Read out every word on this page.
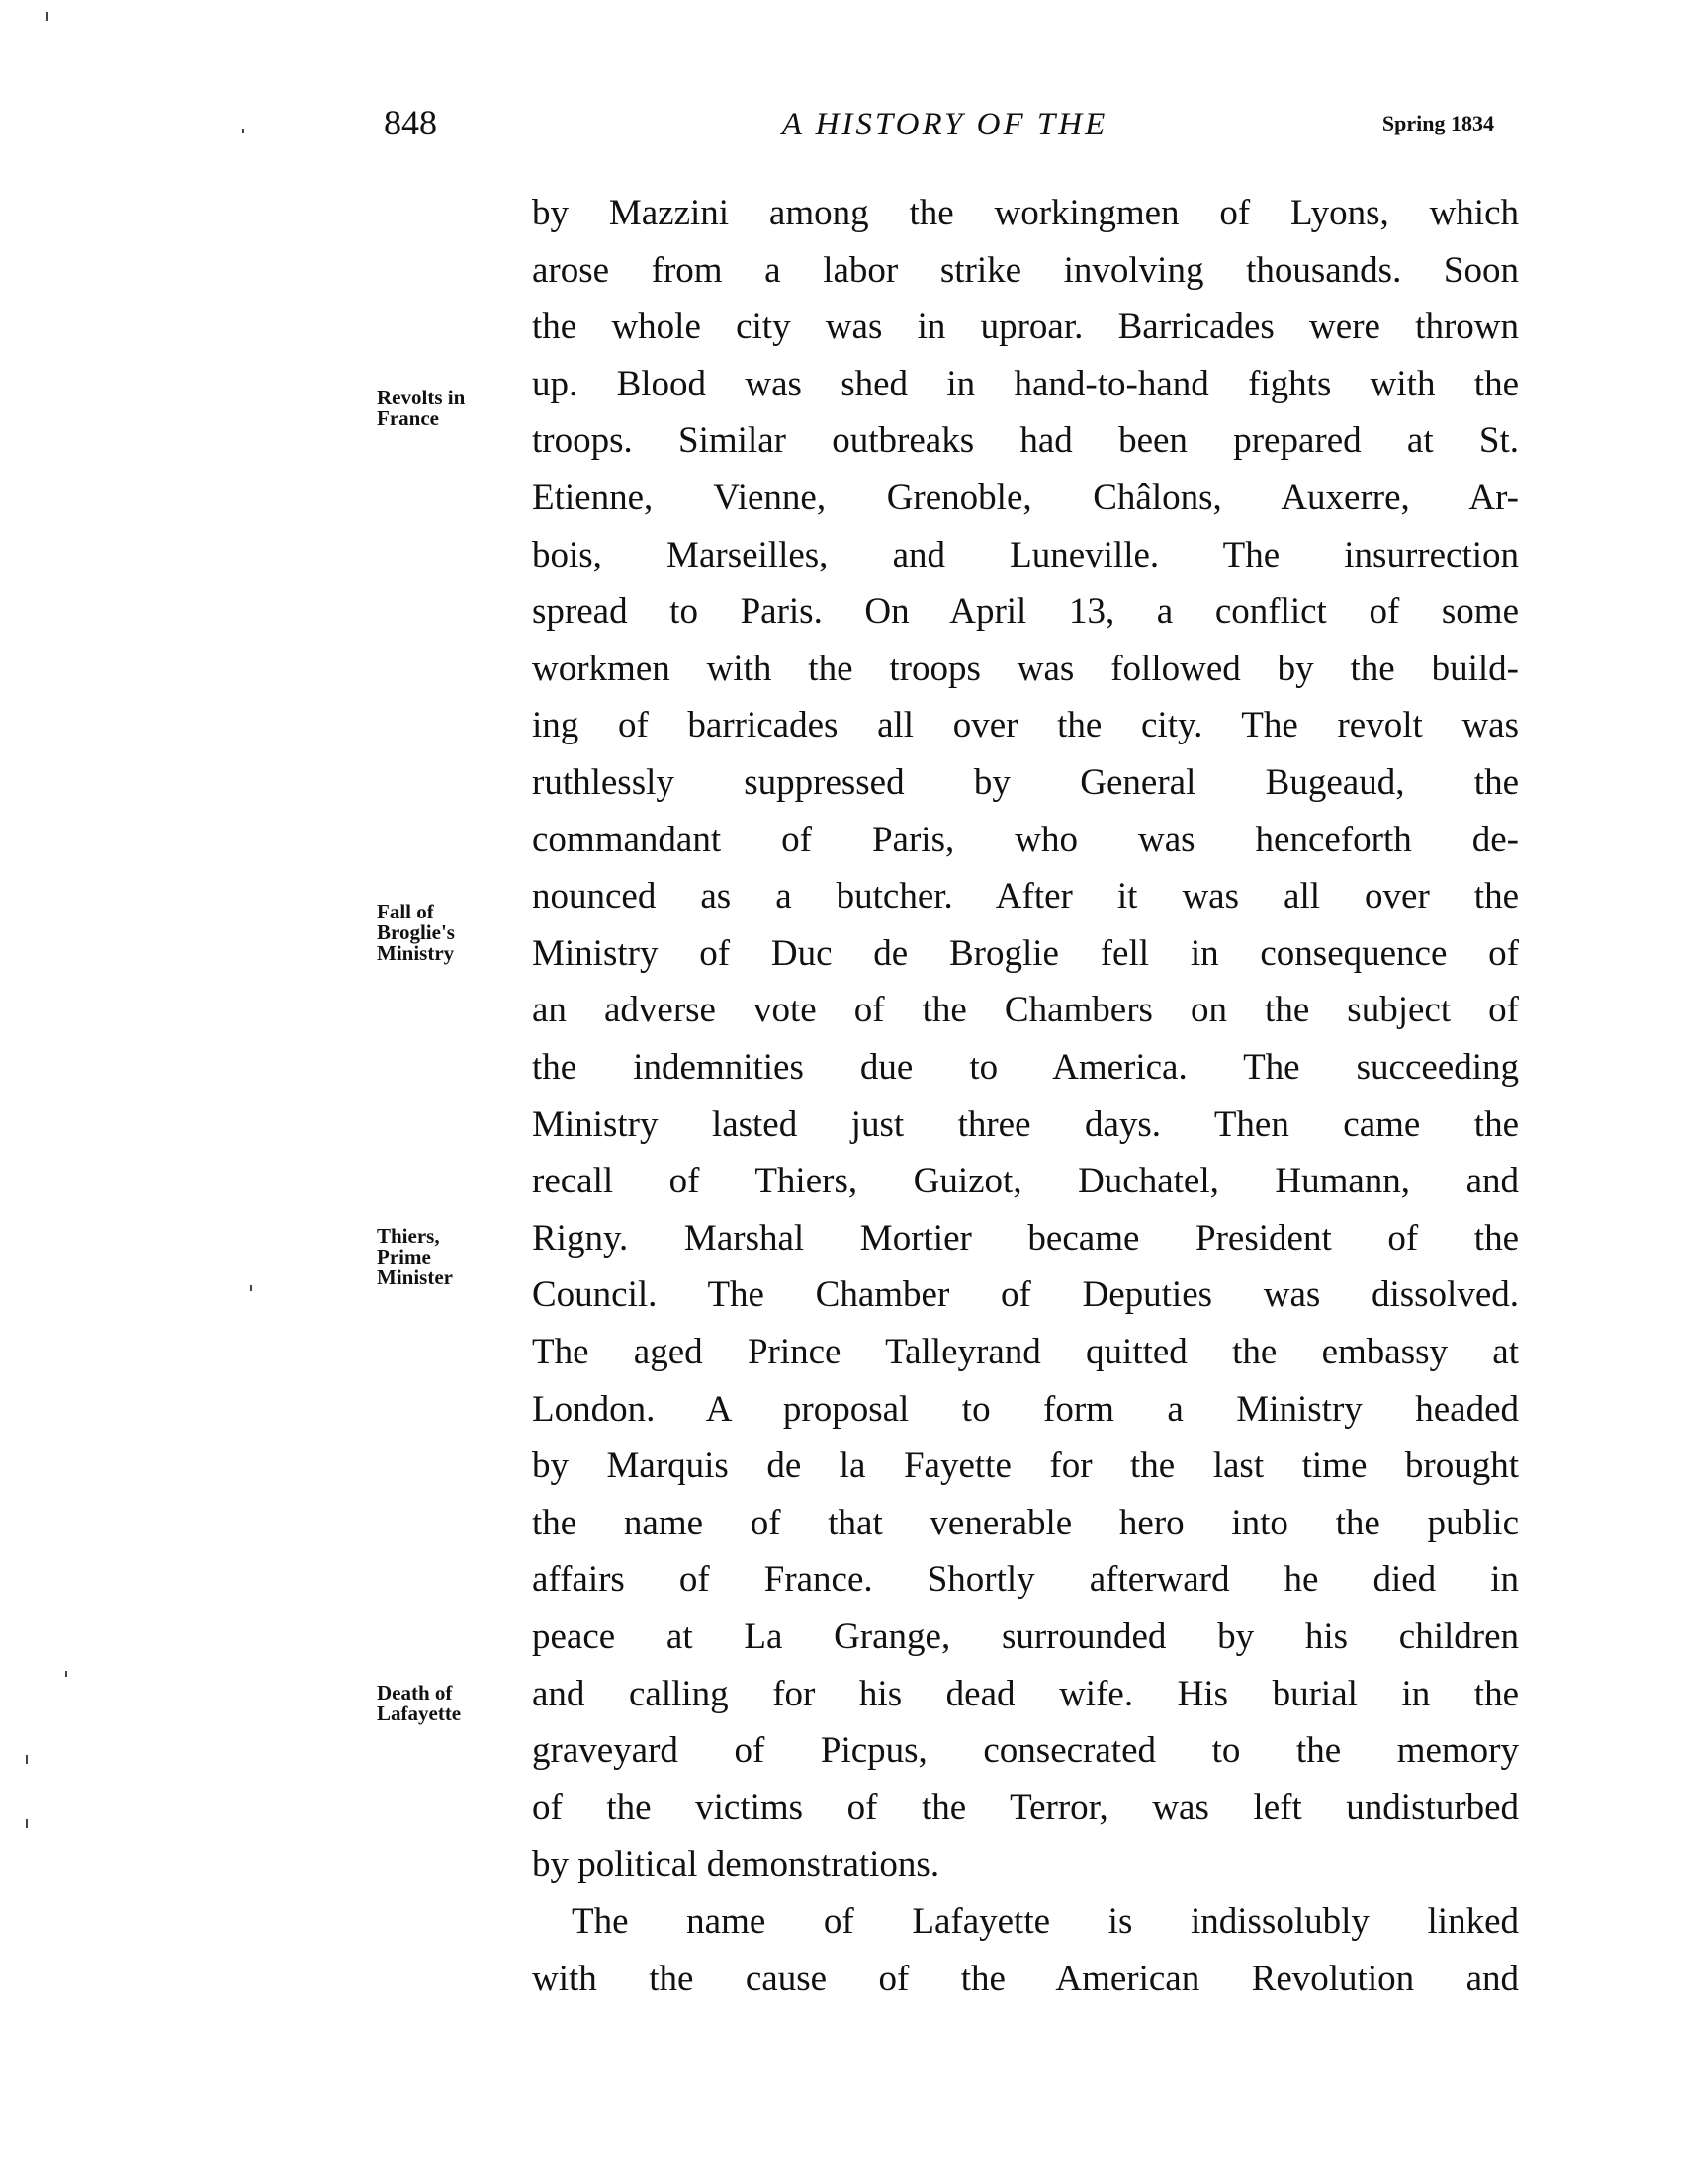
848	A HISTORY OF THE	Spring 1834
by Mazzini among the workingmen of Lyons, which
arose from a labor strike involving thousands. Soon
the whole city was in uproar. Barricades were thrown
up. Blood was shed in hand-to-hand fights with the
troops. Similar outbreaks had been prepared at St.
Etienne, Vienne, Grenoble, Châlons, Auxerre, Ar-
bois, Marseilles, and Luneville. The insurrection
spread to Paris. On April 13, a conflict of some
workmen with the troops was followed by the build-
ing of barricades all over the city. The revolt was
ruthlessly suppressed by General Bugeaud, the
commandant of Paris, who was henceforth de-
nounced as a butcher. After it was all over the
Ministry of Duc de Broglie fell in consequence of
an adverse vote of the Chambers on the subject of
the indemnities due to America. The succeeding
Ministry lasted just three days. Then came the
recall of Thiers, Guizot, Duchatel, Humann, and
Rigny. Marshal Mortier became President of the
Council. The Chamber of Deputies was dissolved.
The aged Prince Talleyrand quitted the embassy at
London. A proposal to form a Ministry headed
by Marquis de la Fayette for the last time brought
the name of that venerable hero into the public
affairs of France. Shortly afterward he died in
peace at La Grange, surrounded by his children
and calling for his dead wife. His burial in the
graveyard of Picpus, consecrated to the memory
of the victims of the Terror, was left undisturbed
by political demonstrations.
The name of Lafayette is indissolubly linked
with the cause of the American Revolution and
Revolts in
France
Fall of
Broglie's
Ministry
Thiers,
Prime
Minister
Death of
Lafayette
